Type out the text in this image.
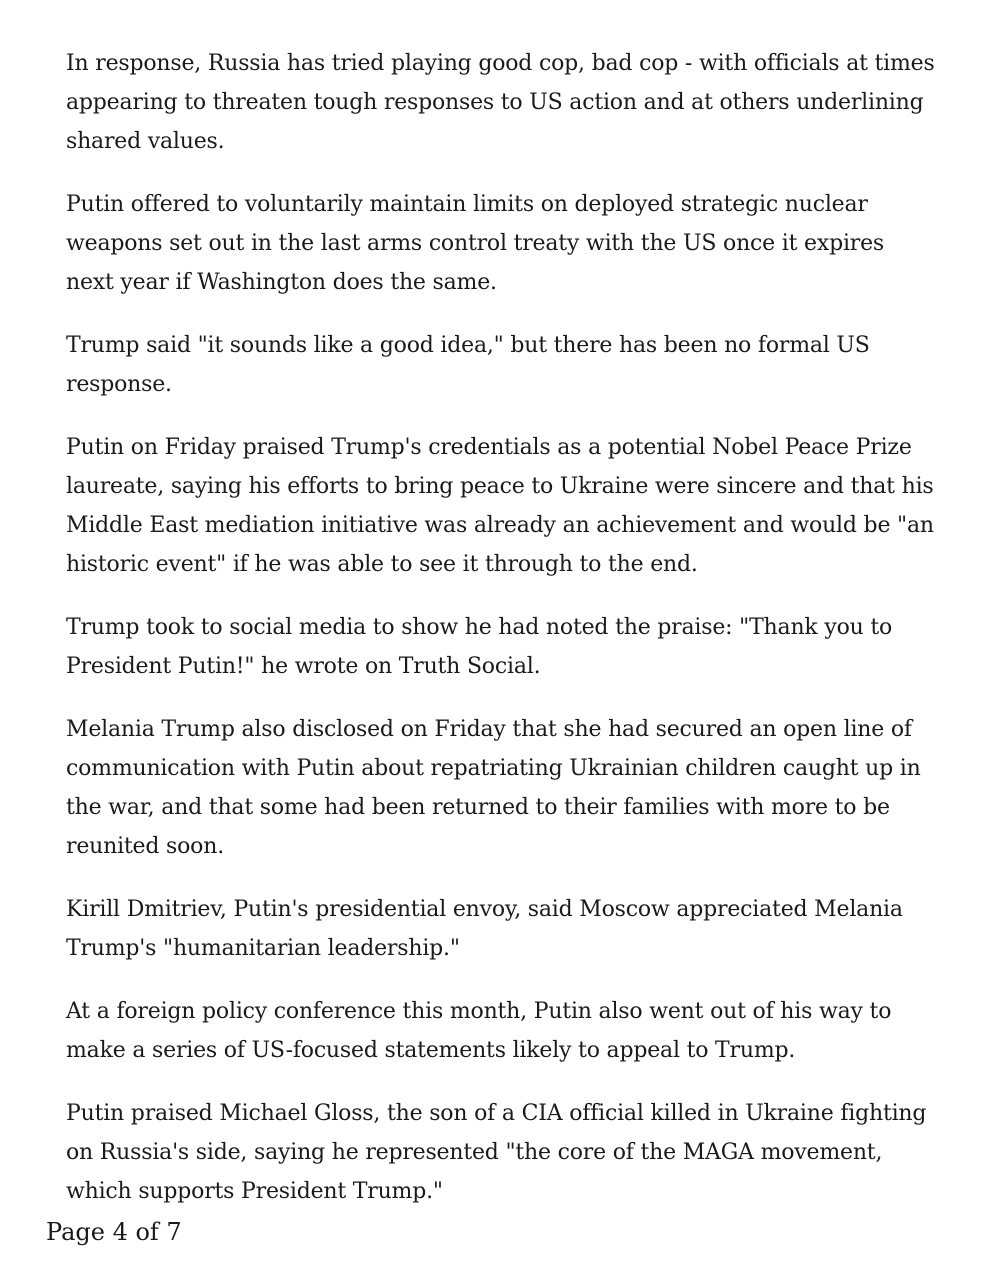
In response, Russia has tried playing good cop, bad cop - with officials at times appearing to threaten tough responses to US action and at others underlining shared values.

Putin offered to voluntarily maintain limits on deployed strategic nuclear weapons set out in the last arms control treaty with the US once it expires next year if Washington does the same.

Trump said "it sounds like a good idea," but there has been no formal US response.

Putin on Friday praised Trump's credentials as a potential Nobel Peace Prize laureate, saying his efforts to bring peace to Ukraine were sincere and that his Middle East mediation initiative was already an achievement and would be "an historic event" if he was able to see it through to the end.

Trump took to social media to show he had noted the praise: "Thank you to President Putin!" he wrote on Truth Social.

Melania Trump also disclosed on Friday that she had secured an open line of communication with Putin about repatriating Ukrainian children caught up in the war, and that some had been returned to their families with more to be reunited soon.

Kirill Dmitriev, Putin's presidential envoy, said Moscow appreciated Melania Trump's "humanitarian leadership."

At a foreign policy conference this month, Putin also went out of his way to make a series of US-focused statements likely to appeal to Trump.

Putin praised Michael Gloss, the son of a CIA official killed in Ukraine fighting on Russia's side, saying he represented "the core of the MAGA movement, which supports President Trump."

Page 4 of 7
